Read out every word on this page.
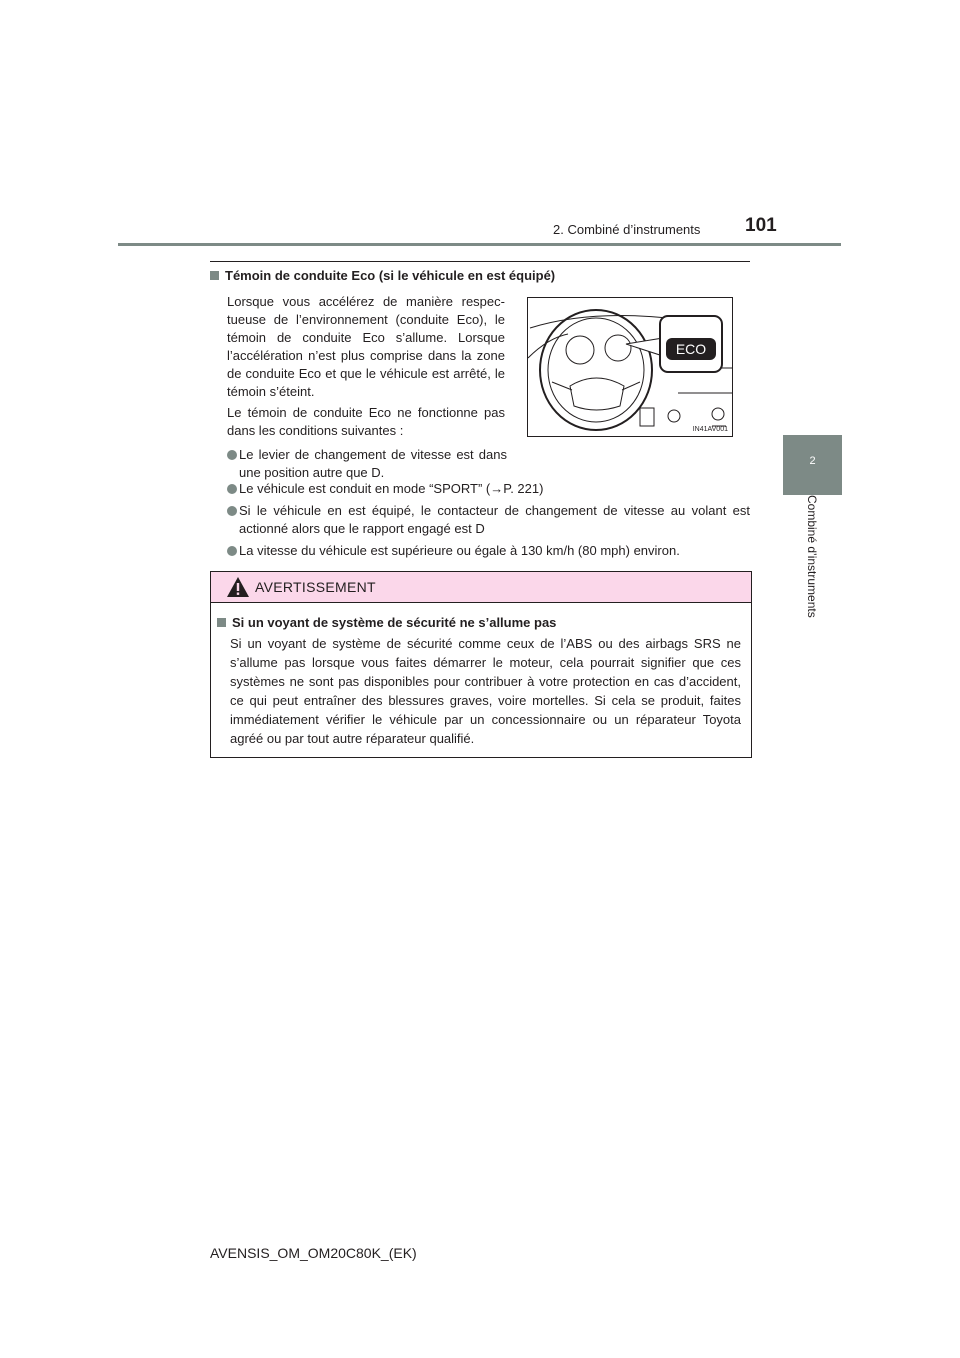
2. Combiné d’instruments 101
2
Combiné d’instruments
Témoin de conduite Eco (si le véhicule en est équipé)
Lorsque vous accélérez de manière respectueuse de l’environnement (conduite Eco), le témoin de conduite Eco s’allume. Lorsque l’accélération n’est plus comprise dans la zone de conduite Eco et que le véhicule est arrêté, le témoin s’éteint.
Le témoin de conduite Eco ne fonctionne pas dans les conditions suivantes :
Le levier de changement de vitesse est dans une position autre que D.
Le véhicule est conduit en mode “SPORT” (→P. 221)
Si le véhicule en est équipé, le contacteur de changement de vitesse au volant est actionné alors que le rapport engagé est D
La vitesse du véhicule est supérieure ou égale à 130 km/h (80 mph) environ.
ECO
IN41AV001
AVERTISSEMENT
Si un voyant de système de sécurité ne s’allume pas
Si un voyant de système de sécurité comme ceux de l’ABS ou des airbags SRS ne s’allume pas lorsque vous faites démarrer le moteur, cela pourrait signifier que ces systèmes ne sont pas disponibles pour contribuer à votre protection en cas d’accident, ce qui peut entraîner des blessures graves, voire mortelles. Si cela se produit, faites immédiatement vérifier le véhicule par un concessionnaire ou un réparateur Toyota agréé ou par tout autre réparateur qualifié.
AVENSIS_OM_OM20C80K_(EK)
